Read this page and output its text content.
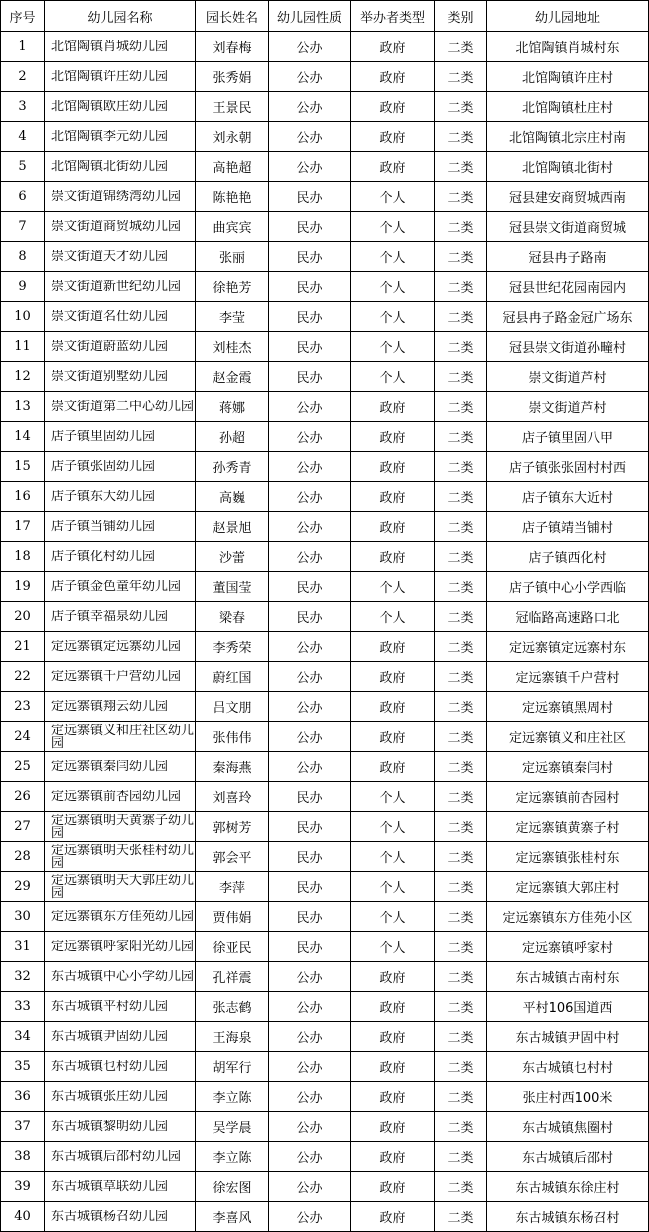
序号	幼儿园名称	园长姓名	幼儿园性质	举办者类型	类别	幼儿园地址
1	北馆陶镇肖城幼儿园	刘春梅	公办	政府	二类	北馆陶镇肖城村东
2	北馆陶镇许庄幼儿园	张秀娟	公办	政府	二类	北馆陶镇许庄村
3	北馆陶镇欧庄幼儿园	王景民	公办	政府	二类	北馆陶镇杜庄村
4	北馆陶镇李元幼儿园	刘永朝	公办	政府	二类	北馆陶镇北宗庄村南
5	北馆陶镇北街幼儿园	高艳超	公办	政府	二类	北馆陶镇北街村
6	崇文街道锦绣湾幼儿园	陈艳艳	民办	个人	二类	冠县建安商贸城西南
7	崇文街道商贸城幼儿园	曲宾宾	民办	个人	二类	冠县崇文街道商贸城
8	崇文街道天才幼儿园	张丽	民办	个人	二类	冠县冉子路南
9	崇文街道新世纪幼儿园	徐艳芳	民办	个人	二类	冠县世纪花园南园内
10	崇文街道名仕幼儿园	李莹	民办	个人	二类	冠县冉子路金冠广场东
11	崇文街道蔚蓝幼儿园	刘桂杰	民办	个人	二类	冠县崇文街道孙疃村
12	崇文街道别墅幼儿园	赵金霞	民办	个人	二类	崇文街道芦村
13	崇文街道第二中心幼儿园	蒋娜	公办	政府	二类	崇文街道芦村
14	店子镇里固幼儿园	孙超	公办	政府	二类	店子镇里固八甲
15	店子镇张固幼儿园	孙秀青	公办	政府	二类	店子镇张张固村村西
16	店子镇东大幼儿园	高巍	公办	政府	二类	店子镇东大近村
17	店子镇当铺幼儿园	赵景旭	公办	政府	二类	店子镇靖当铺村
18	店子镇化村幼儿园	沙蕾	公办	政府	二类	店子镇西化村
19	店子镇金色童年幼儿园	董国莹	民办	个人	二类	店子镇中心小学西临
20	店子镇幸福泉幼儿园	梁春	民办	个人	二类	冠临路高速路口北
21	定远寨镇定远寨幼儿园	李秀荣	公办	政府	二类	定远寨镇定远寨村东
22	定远寨镇千户营幼儿园	蔚红国	公办	政府	二类	定远寨镇千户营村
23	定远寨镇翔云幼儿园	吕文朋	公办	政府	二类	定远寨镇黑周村
24	定远寨镇义和庄社区幼儿园	张伟伟	公办	政府	二类	定远寨镇义和庄社区
25	定远寨镇秦闫幼儿园	秦海燕	公办	政府	二类	定远寨镇秦闫村
26	定远寨镇前杏园幼儿园	刘喜玲	民办	个人	二类	定远寨镇前杏园村
27	定远寨镇明天黄寨子幼儿园	郭树芳	民办	个人	二类	定远寨镇黄寨子村
28	定远寨镇明天张桂村幼儿园	郭会平	民办	个人	二类	定远寨镇张桂村东
29	定远寨镇明天大郭庄幼儿园	李萍	民办	个人	二类	定远寨镇大郭庄村
30	定远寨镇东方佳苑幼儿园	贾伟娟	民办	个人	二类	定远寨镇东方佳苑小区
31	定远寨镇呼家阳光幼儿园	徐亚民	民办	个人	二类	定远寨镇呼家村
32	东古城镇中心小学幼儿园	孔祥震	公办	政府	二类	东古城镇古南村东
33	东古城镇平村幼儿园	张志鹤	公办	政府	二类	平村106国道西
34	东古城镇尹固幼儿园	王海泉	公办	政府	二类	东古城镇尹固中村
35	东古城镇乜村幼儿园	胡军行	公办	政府	二类	东古城镇乜村村
36	东古城镇张庄幼儿园	李立陈	公办	政府	二类	张庄村西100米
37	东古城镇黎明幼儿园	吴学晨	公办	政府	二类	东古城镇焦圈村
38	东古城镇后邵村幼儿园	李立陈	公办	政府	二类	东古城镇后邵村
39	东古城镇草联幼儿园	徐宏图	公办	政府	二类	东古城镇东徐庄村
40	东古城镇杨召幼儿园	李喜风	公办	政府	二类	东古城镇东杨召村
